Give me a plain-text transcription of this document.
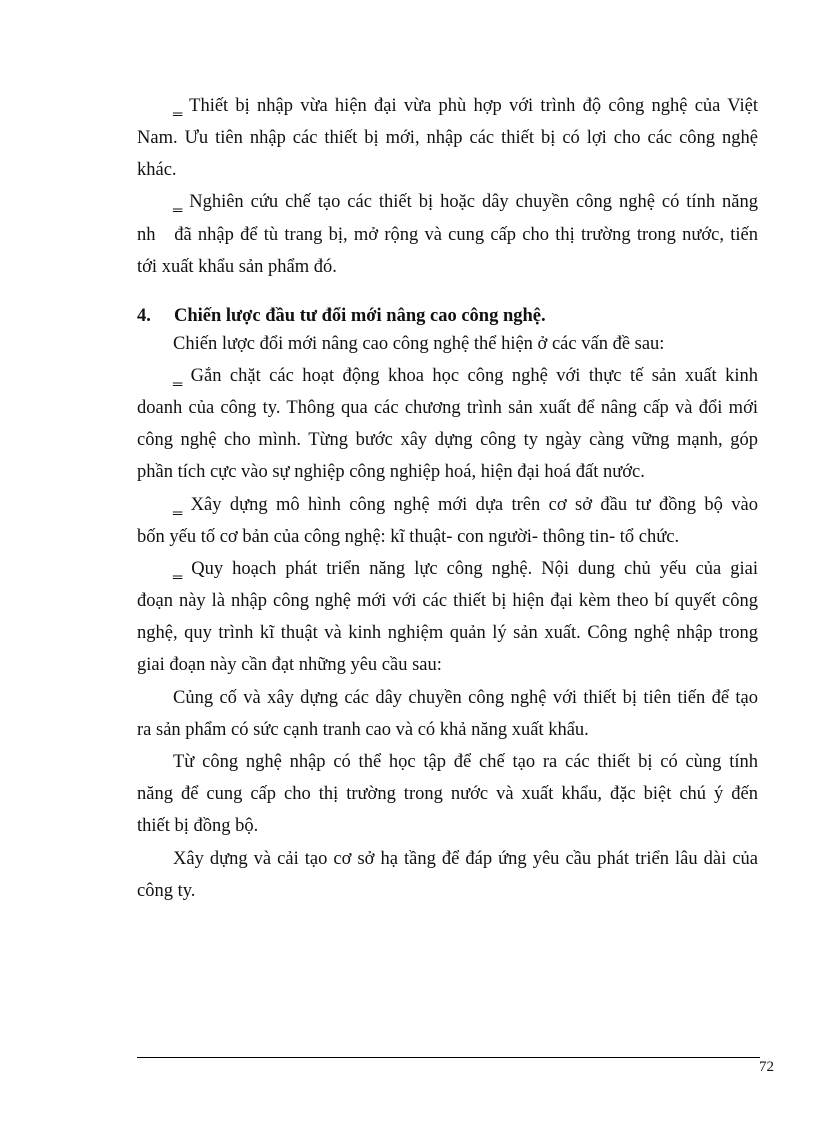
‗ Thiết bị nhập vừa hiện đại vừa phù hợp với trình độ công nghệ của Việt
Nam. Ưu tiên nhập các thiết bị mới, nhập các thiết bị có lợi cho các công nghệ
khác.
‗ Nghiên cứu chế tạo các thiết bị hoặc dây chuyền công nghệ có tính năng
nh   đã nhập để tù trang bị, mở rộng và cung cấp cho thị trường trong nước, tiến
tới xuất khẩu sản phẩm đó.
4. Chiến lược đầu tư đổi mới nâng cao công nghệ.
Chiến lược đổi mới nâng cao công nghệ thể hiện ở các vấn đề sau:
‗ Gắn chặt các hoạt động khoa học công nghệ với thực tế sản xuất kinh
doanh của công ty. Thông qua các chương trình sản xuất để nâng cấp và đổi mới
công nghệ cho mình. Từng bước xây dựng công ty ngày càng vững mạnh, góp
phần tích cực vào sự nghiệp công nghiệp hoá, hiện đại hoá đất nước.
‗ Xây dựng mô hình công nghệ mới dựa trên cơ sở đầu tư đồng bộ vào
bốn yếu tố cơ bản của công nghệ: kĩ thuật- con người- thông tin- tổ chức.
‗ Quy hoạch phát triển năng lực công nghệ. Nội dung chủ yếu của giai
đoạn này là nhập công nghệ mới với các thiết bị hiện đại kèm theo bí quyết công
nghệ, quy trình kĩ thuật và kinh nghiệm quản lý sản xuất. Công nghệ nhập trong
giai đoạn này cần đạt những yêu cầu sau:
Củng cố và xây dựng các dây chuyền công nghệ với thiết bị tiên tiến để tạo
ra sản phẩm có sức cạnh tranh cao và có khả năng xuất khẩu.
Từ công nghệ nhập có thể học tập để chế tạo ra các thiết bị có cùng tính
năng để cung cấp cho thị trường trong nước và xuất khẩu, đặc biệt chú ý đến
thiết bị đồng bộ.
Xây dựng và cải tạo cơ sở hạ tầng để đáp ứng yêu cầu phát triển lâu dài của
công ty.
72
